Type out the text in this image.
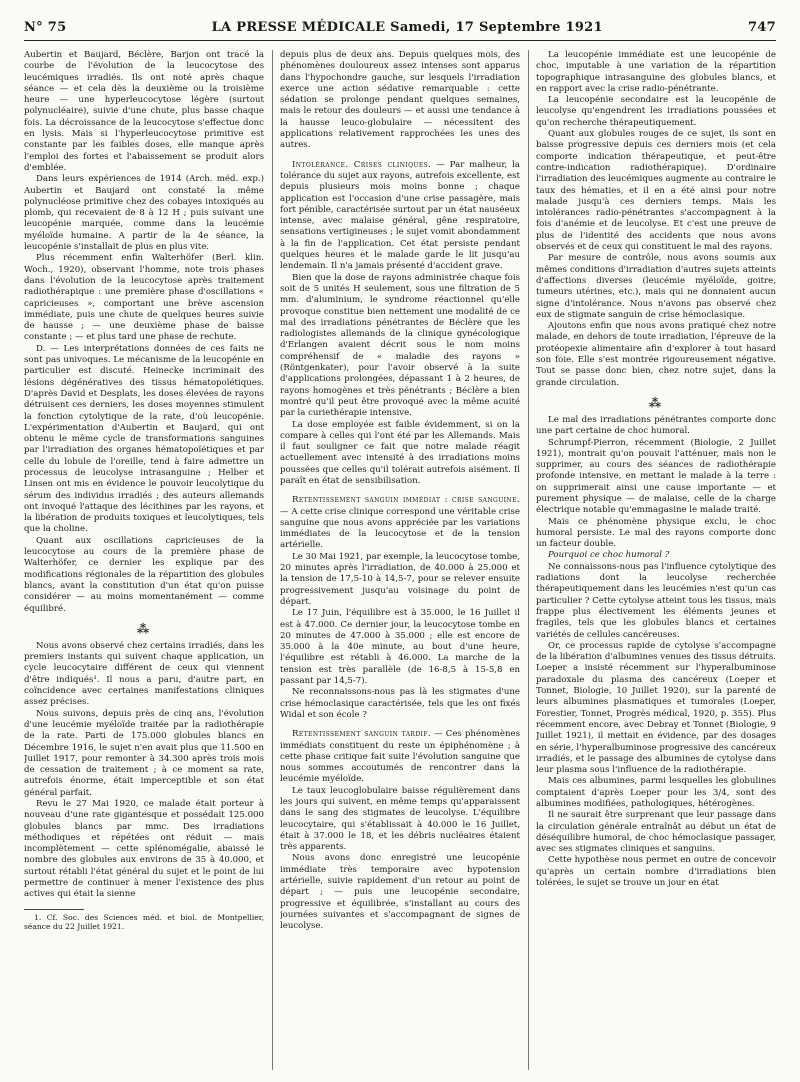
N° 75	LA PRESSE MÉDICALE Samedi, 17 Septembre 1921	747

Aubertin et Baujard, Béclère, Barjon ont tracé la courbe de l'évolution de la leucocytose des leucémiques irradiés. Ils ont noté après chaque séance — et cela dès la deuxième ou la troisième heure — une hyperleucocytose légère (surtout polynucléaire), suivie d'une chute, plus basse chaque fois. La décroissance de la leucocytose s'effectue donc en lysis. Mais si l'hyperleucocytose primitive est constante par les faibles doses, elle manque après l'emploi des fortes et l'abaissement se produit alors d'emblée.

Dans leurs expériences de 1914 (Arch. méd. exp.) Aubertin et Baujard ont constaté la même polynucléose primitive chez des cobayes intoxiqués au plomb, qui recevaient de 8 à 12 H ; puis suivant une leucopénie marquée, comme dans la leucémie myéloïde humaine. A partir de la 4e séance, la leucopénie s'installait de plus en plus vite.

Plus récemment enfin Walterhöfer (Berl. klin. Woch., 1920), observant l'homme, note trois phases dans l'évolution de la leucocytose après traitement radiothérapique : une première phase d'oscillations « capricieuses », comportant une brève ascension immédiate, puis une chute de quelques heures suivie de hausse ; — une deuxième phase de baisse constante ; — et plus tard une phase de rechute.

D. — Les interprétations données de ces faits ne sont pas univoques. Le mécanisme de la leucopénie en particulier est discuté. Heinecke incriminait des lésions dégénératives des tissus hématopoïétiques. D'après David et Desplats, les doses élevées de rayons détruisent ces derniers, les doses moyennes stimulent la fonction cytolytique de la rate, d'où leucopénie. L'expérimentation d'Aubertin et Baujard, qui ont obtenu le même cycle de transformations sanguines par l'irradiation des organes hématopoïétiques et par celle du lobule de l'oreille, tend à faire admettre un processus de leucolyse intrasanguine ; Helber et Linsen ont mis en évidence le pouvoir leucolytique du sérum des individus irradiés ; des auteurs allemands ont invoqué l'attaque des lécithines par les rayons, et la libération de produits toxiques et leucolytiques, tels que la choline.

Quant aux oscillations capricieuses de la leucocytose au cours de la première phase de Walterhöfer, ce dernier les explique par des modifications régionales de la répartition des globules blancs, avant la constitution d'un état qu'on puisse considérer — au moins momentanément — comme équilibré.

⁂

Nous avons observé chez certains irradiés, dans les premiers instants qui suivent chaque application, un cycle leucocytaire différent de ceux qui viennent d'être indiqués¹. Il nous a paru, d'autre part, en coïncidence avec certaines manifestations cliniques assez précises.

Nous suivons, depuis près de cinq ans, l'évolution d'une leucémie myéloïde traitée par la radiothérapie de la rate. Parti de 175.000 globules blancs en Décembre 1916, le sujet n'en avait plus que 11.500 en Juillet 1917, pour remonter à 34.300 après trois mois de cessation de traitement ; à ce moment sa rate, autrefois énorme, était imperceptible et son état général parfait.

Revu le 27 Mai 1920, ce malade était porteur à nouveau d'une rate gigantesque et possédait 125.000 globules blancs par mmc. Des irradiations méthodiques et répétées ont réduit — mais incomplètement — cette splénomégalie, abaissé le nombre des globules aux environs de 35 à 40.000, et surtout rétabli l'état général du sujet et le point de lui permettre de continuer à mener l'existence des plus actives qui était la sienne

1. Cf. Soc. des Sciences méd. et biol. de Montpellier, séance du 22 Juillet 1921.

depuis plus de deux ans. Depuis quelques mois, des phénomènes douloureux assez intenses sont apparus dans l'hypochondre gauche, sur lesquels l'irradiation exerce une action sédative remarquable : cette sédation se prolonge pendant quelques semaines, mais le retour des douleurs — et aussi une tendance à la hausse leuco-globulaire — nécessitent des applications relativement rapprochées les unes des autres.

Intolérance. Crises cliniques. — Par malheur, la tolérance du sujet aux rayons, autrefois excellente, est depuis plusieurs mois moins bonne ; chaque application est l'occasion d'une crise passagère, mais fort pénible, caractérisée surtout par un état nauséeux intense, avec malaise général, gêne respiratoire, sensations vertigineuses ; le sujet vomit abondamment à la fin de l'application. Cet état persiste pendant quelques heures et le malade garde le lit jusqu'au lendemain. Il n'a jamais présenté d'accident grave.

Bien que la dose de rayons administrée chaque fois soit de 5 unités H seulement, sous une filtration de 5 mm. d'aluminium, le syndrome réactionnel qu'elle provoque constitue bien nettement une modalité de ce mal des irradiations pénétrantes de Béclère que les radiologistes allemands de la clinique gynécologique d'Erlangen avaient décrit sous le nom moins compréhensif de « maladie des rayons » (Röntgenkater), pour l'avoir observé à la suite d'applications prolongées, dépassant 1 à 2 heures, de rayons homogènes et très pénétrants ; Béclère a bien montré qu'il peut être provoqué avec la même acuité par la curiethérapie intensive.

La dose employée est faible évidemment, si on la compare à celles qui l'ont été par les Allemands. Mais il faut souligner ce fait que notre malade réagit actuellement avec intensité à des irradiations moins poussées que celles qu'il tolérait autrefois aisément. Il paraît en état de sensibilisation.

Retentissement sanguin immédiat : crise sanguine. — A cette crise clinique correspond une véritable crise sanguine que nous avons appréciée par les variations immédiates de la leucocytose et de la tension artérielle.

Le 30 Mai 1921, par exemple, la leucocytose tombe, 20 minutes après l'irradiation, de 40.000 à 25.000 et la tension de 17,5-10 à 14,5-7, pour se relever ensuite progressivement jusqu'au voisinage du point de départ.

Le 17 Juin, l'équilibre est à 35.000, le 16 Juillet il est à 47.000. Ce dernier jour, la leucocytose tombe en 20 minutes de 47.000 à 35.000 ; elle est encore de 35.000 à la 40e minute, au bout d'une heure, l'équilibre est rétabli à 46.000. La marche de la tension est très parallèle (de 16-8,5 à 15-5,8 en passant par 14,5-7).

Ne reconnaissons-nous pas là les stigmates d'une crise hémoclasique caractérisée, tels que les ont fixés Widal et son école ?

Retentissement sanguin tardif. — Ces phénomènes immédiats constituent du reste un épiphénomène ; à cette phase critique fait suite l'évolution sanguine que nous sommes accoutumés de rencontrer dans la leucémie myéloïde.

Le taux leucoglobulaire baisse régulièrement dans les jours qui suivent, en même temps qu'apparaissent dans le sang des stigmates de leucolyse. L'équilibre leucocytaire, qui s'établissait à 40.000 le 16 Juillet, était à 37.000 le 18, et les débris nucléaires étaient très apparents.

Nous avons donc enregistré une leucopénie immédiate très temporaire avec hypotension artérielle, suivie rapidement d'un retour au point de départ ; — puis une leucopénie secondaire, progressive et équilibrée, s'installant au cours des journées suivantes et s'accompagnant de signes de leucolyse.

La leucopénie immédiate est une leucopénie de choc, imputable à une variation de la répartition topographique intrasanguine des globules blancs, et en rapport avec la crise radio-pénétrante.

La leucopénie secondaire est la leucopénie de leucolyse qu'engendrent les irradiations poussées et qu'on recherche thérapeutiquement.

Quant aux globules rouges de ce sujet, ils sont en baisse progressive depuis ces derniers mois (et cela comporte indication thérapeutique, et peut-être contre-indication radiothérapique). D'ordinaire l'irradiation des leucémiques augmente au contraire le taux des hématies, et il en a été ainsi pour notre malade jusqu'à ces derniers temps. Mais les intolérances radio-pénétrantes s'accompagnent à la fois d'anémie et de leucolyse. Et c'est une preuve de plus de l'identité des accidents que nous avons observés et de ceux qui constituent le mal des rayons.

Par mesure de contrôle, nous avons soumis aux mêmes conditions d'irradiation d'autres sujets atteints d'affections diverses (leucémie myéloïde, goitre, tumeurs utérines, etc.), mais qui ne donnaient aucun signe d'intolérance. Nous n'avons pas observé chez eux de stigmate sanguin de crise hémoclasique.

Ajoutons enfin que nous avons pratiqué chez notre malade, en dehors de toute irradiation, l'épreuve de la protéopexie alimentaire afin d'explorer à tout hasard son foie. Elle s'est montrée rigoureusement négative. Tout se passe donc bien, chez notre sujet, dans la grande circulation.

⁂

Le mal des irradiations pénétrantes comporte donc une part certaine de choc humoral.

Schrumpf-Pierron, récemment (Biologie, 2 Juillet 1921), montrait qu'on pouvait l'atténuer, mais non le supprimer, au cours des séances de radiothérapie profonde intensive, en mettant le malade à la terre : on supprimerait ainsi une cause importante — et purement physique — de malaise, celle de la charge électrique notable qu'emmagasine le malade traité.

Mais ce phénomène physique exclu, le choc humoral persiste. Le mal des rayons comporte donc un facteur double.

Pourquoi ce choc humoral ?

Ne connaissons-nous pas l'influence cytolytique des radiations dont la leucolyse recherchée thérapeutiquement dans les leucémies n'est qu'un cas particulier ? Cette cytolyse atteint tous les tissus, mais frappe plus électivement les éléments jeunes et fragiles, tels que les globules blancs et certaines variétés de cellules cancéreuses.

Or, ce processus rapide de cytolyse s'accompagne de la libération d'albumines venues des tissus détruits. Loeper a insisté récemment sur l'hyperalbuminose paradoxale du plasma des cancéreux (Loeper et Tonnet, Biologie, 10 Juillet 1920), sur la parenté de leurs albumines plasmatiques et tumorales (Loeper, Forestier, Tonnet, Progrès médical, 1920, p. 355). Plus récemment encore, avec Debray et Tonnet (Biologie, 9 Juillet 1921), il mettait en évidence, par des dosages en série, l'hyperalbuminose progressive des cancéreux irradiés, et le passage des albumines de cytolyse dans leur plasma sous l'influence de la radiothérapie.

Mais ces albumines, parmi lesquelles les globulines comptaient d'après Loeper pour les 3/4, sont des albumines modifiées, pathologiques, hétérogènes.

Il ne saurait être surprenant que leur passage dans la circulation générale entraînât au début un état de déséquilibre humoral, de choc hémoclasique passager, avec ses stigmates cliniques et sanguins.

Cette hypothèse nous permet en outre de concevoir qu'après un certain nombre d'irradiations bien tolérées, le sujet se trouve un jour en état
